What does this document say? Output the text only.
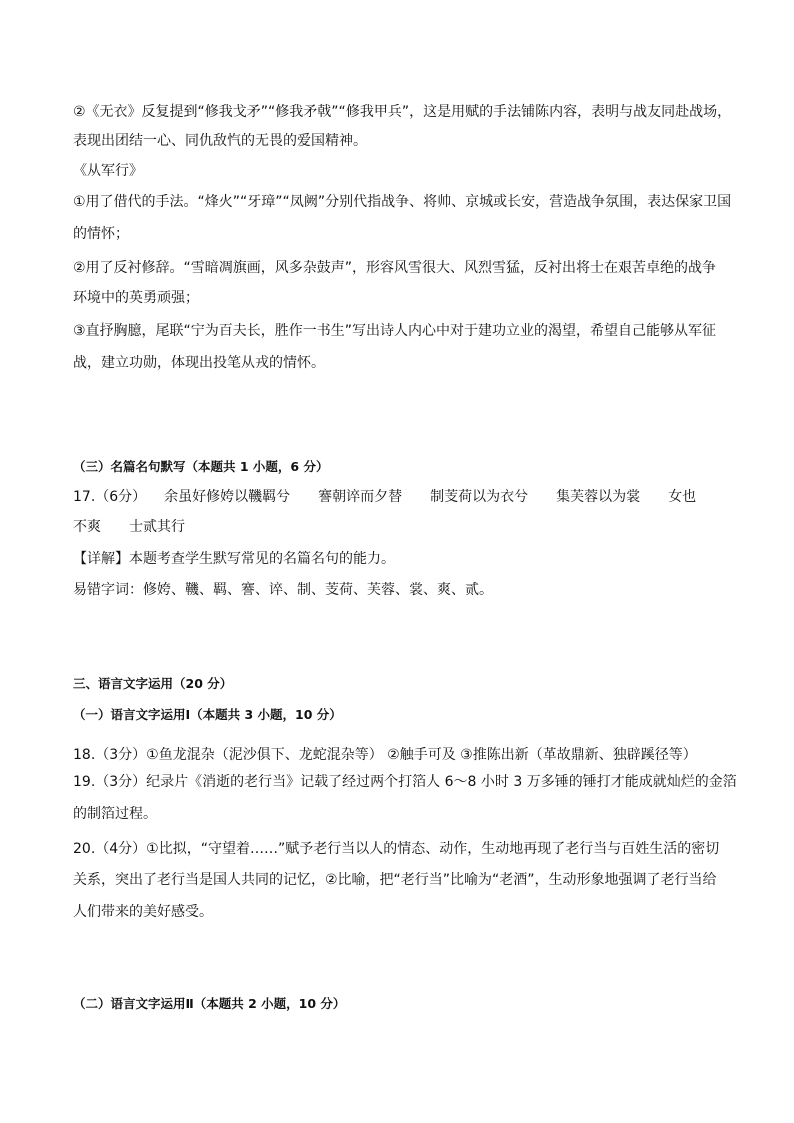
②《无衣》反复提到“修我戈矛”“修我矛戟”“修我甲兵”，这是用赋的手法铺陈内容，表明与战友同赴战场，
表现出团结一心、同仇敌忾的无畏的爱国精神。
《从军行》
①用了借代的手法。“烽火”“牙璋”“凤阙”分别代指战争、将帅、京城或长安，营造战争氛围，表达保家卫国
的情怀；
②用了反衬修辞。“雪暗凋旗画，风多杂鼓声”，形容风雪很大、风烈雪猛，反衬出将士在艰苦卓绝的战争
环境中的英勇顽强；
③直抒胸臆，尾联“宁为百夫长，胜作一书生”写出诗人内心中对于建功立业的渴望，希望自己能够从军征
战，建立功勋，体现出投笔从戎的情怀。
（三）名篇名句默写（本题共 1 小题，6 分）
17.（6分） 余虽好修姱以鞿羁兮 謇朝谇而夕替 制芰荷以为衣兮 集芙蓉以为裳 女也
不爽 士贰其行
【详解】本题考查学生默写常见的名篇名句的能力。
易错字词：修姱、鞿、羁、謇、谇、制、芰荷、芙蓉、裳、爽、贰。
三、语言文字运用（20 分）
（一）语言文字运用Ⅰ（本题共 3 小题，10 分）
18.（3分）①鱼龙混杂（泥沙俱下、龙蛇混杂等） ②触手可及 ③推陈出新（革故鼎新、独辟蹊径等）
19.（3分）纪录片《消逝的老行当》记载了经过两个打箔人 6～8 小时 3 万多锤的锤打才能成就灿烂的金箔
的制箔过程。
20.（4分）①比拟，“守望着……”赋予老行当以人的情态、动作，生动地再现了老行当与百姓生活的密切
关系，突出了老行当是国人共同的记忆，②比喻，把“老行当”比喻为“老酒”，生动形象地强调了老行当给
人们带来的美好感受。
（二）语言文字运用Ⅱ（本题共 2 小题，10 分）
